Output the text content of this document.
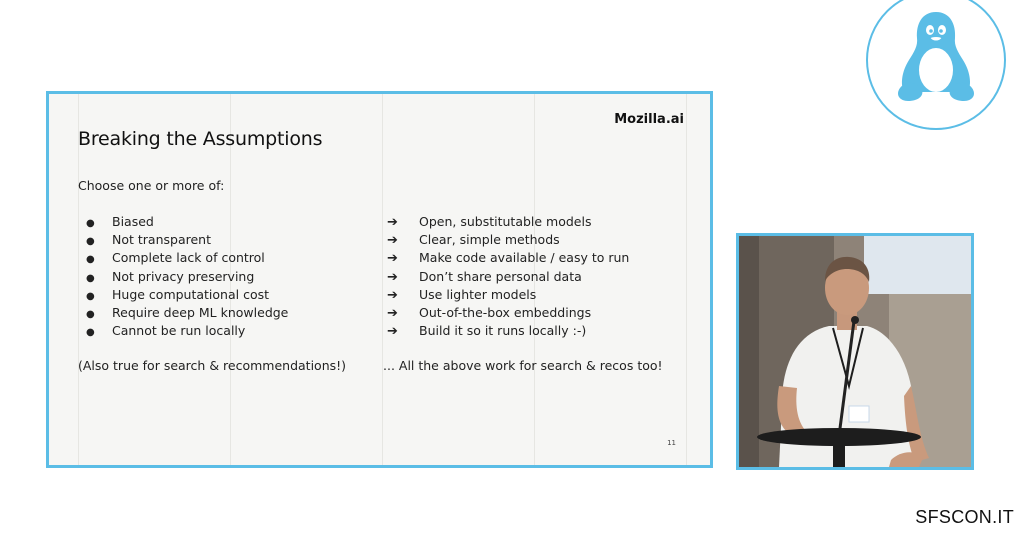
Breaking the Assumptions
Mozilla.ai
Choose one or more of:
● Biased
● Not transparent
● Complete lack of control
● Not privacy preserving
● Huge computational cost
● Require deep ML knowledge
● Cannot be run locally
➔ Open, substitutable models
➔ Clear, simple methods
➔ Make code available / easy to run
➔ Don’t share personal data
➔ Use lighter models
➔ Out-of-the-box embeddings
➔ Build it so it runs locally :-)
(Also true for search & recommendations!)	... All the above work for search & recos too!
11
SFSCON.IT
